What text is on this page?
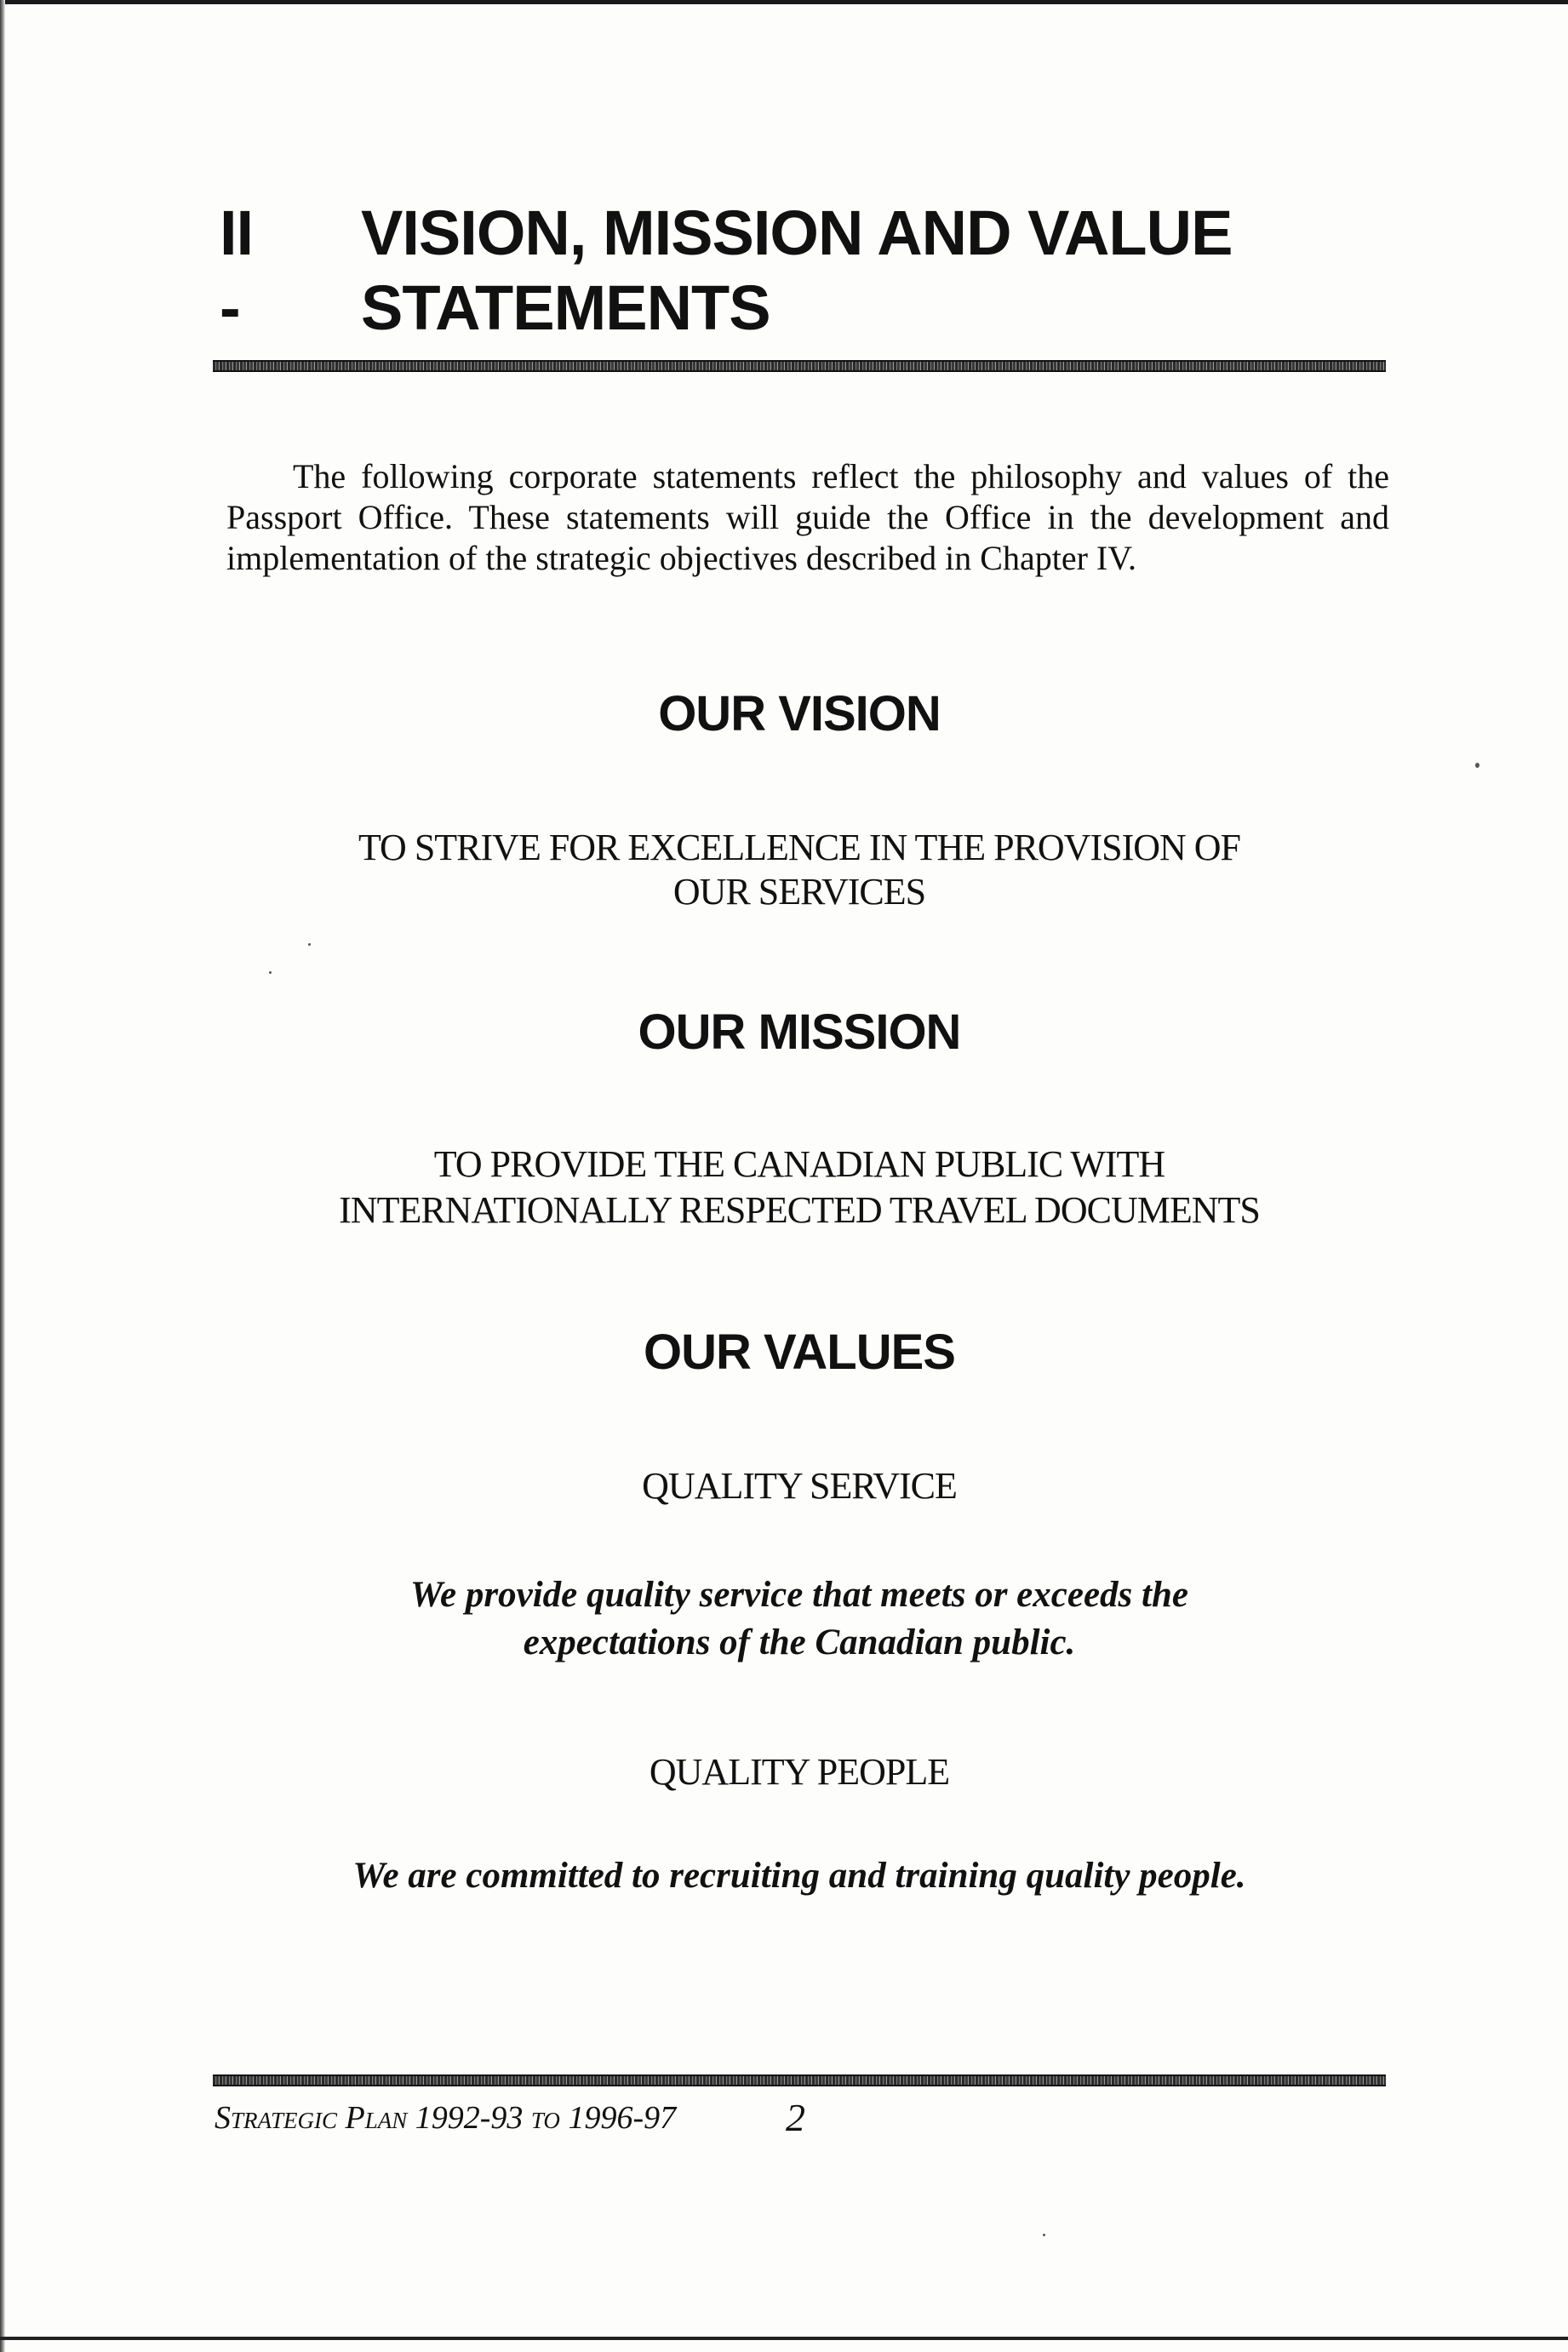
II -
VISION, MISSION AND VALUE
STATEMENTS

The following corporate statements reflect the philosophy and values of the Passport Office. These statements will guide the Office in the development and implementation of the strategic objectives described in Chapter IV.

OUR VISION
TO STRIVE FOR EXCELLENCE IN THE PROVISION OF
OUR SERVICES
OUR MISSION
TO PROVIDE THE CANADIAN PUBLIC WITH
INTERNATIONALLY RESPECTED TRAVEL DOCUMENTS
OUR VALUES
QUALITY SERVICE
We provide quality service that meets or exceeds the
expectations of the Canadian public.
QUALITY PEOPLE
We are committed to recruiting and training quality people.
Strategic Plan 1992-93 to 1996-97	2
